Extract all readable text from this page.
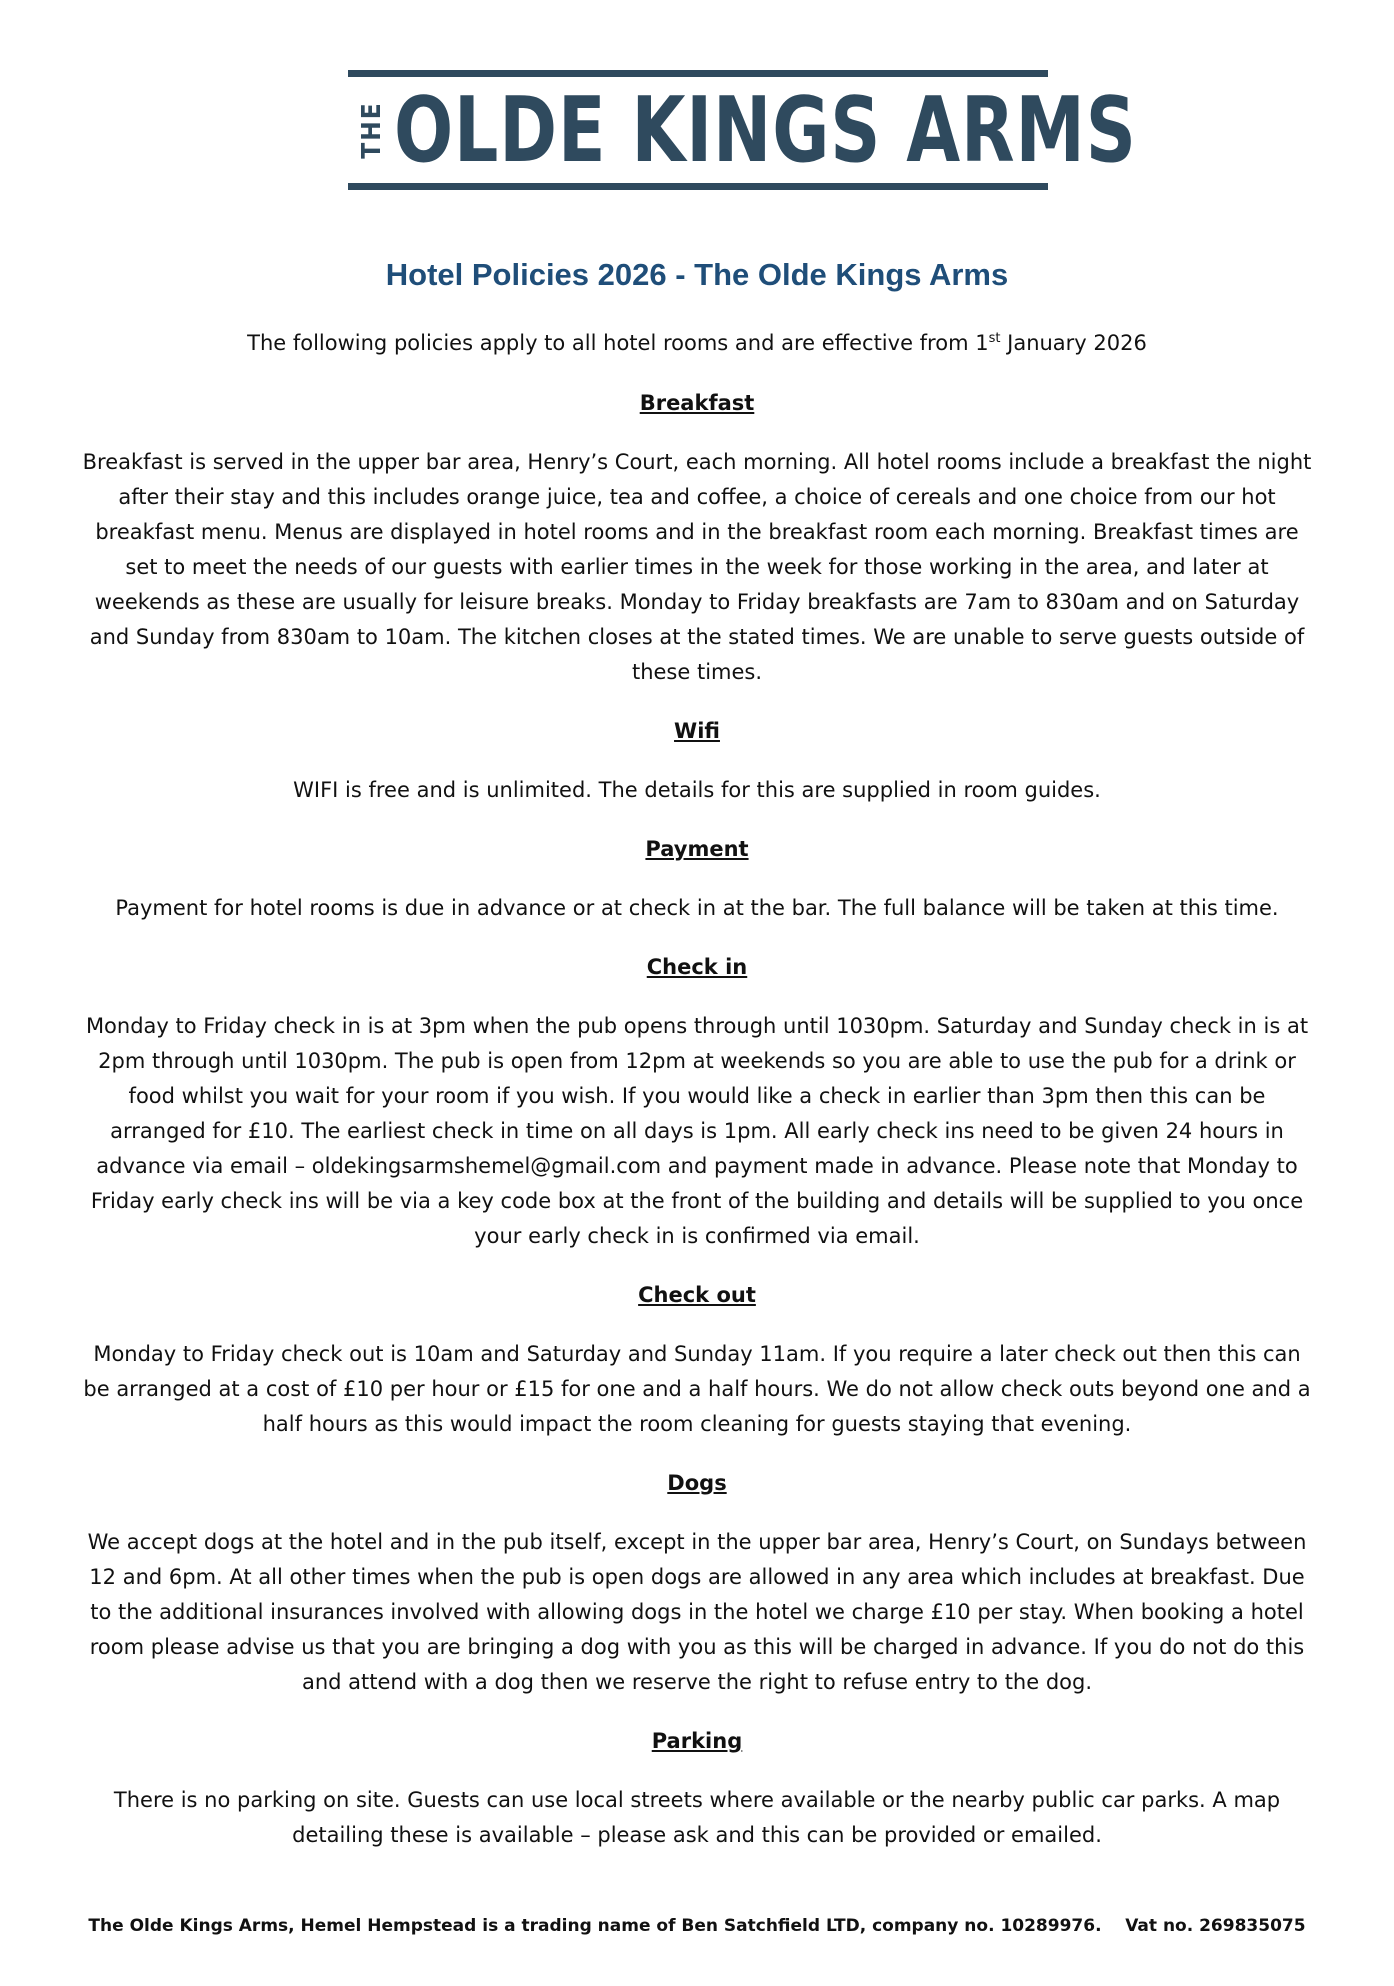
THE OLDE KINGS ARMS
Hotel Policies 2026 - The Olde Kings Arms

The following policies apply to all hotel rooms and are effective from 1st January 2026

Breakfast

Breakfast is served in the upper bar area, Henry’s Court, each morning. All hotel rooms include a breakfast the night after their stay and this includes orange juice, tea and coffee, a choice of cereals and one choice from our hot breakfast menu. Menus are displayed in hotel rooms and in the breakfast room each morning. Breakfast times are set to meet the needs of our guests with earlier times in the week for those working in the area, and later at weekends as these are usually for leisure breaks. Monday to Friday breakfasts are 7am to 830am and on Saturday and Sunday from 830am to 10am. The kitchen closes at the stated times. We are unable to serve guests outside of these times.

Wifi

WIFI is free and is unlimited. The details for this are supplied in room guides.

Payment

Payment for hotel rooms is due in advance or at check in at the bar. The full balance will be taken at this time.

Check in

Monday to Friday check in is at 3pm when the pub opens through until 1030pm. Saturday and Sunday check in is at 2pm through until 1030pm. The pub is open from 12pm at weekends so you are able to use the pub for a drink or food whilst you wait for your room if you wish. If you would like a check in earlier than 3pm then this can be arranged for £10. The earliest check in time on all days is 1pm. All early check ins need to be given 24 hours in advance via email – oldekingsarmshemel@gmail.com and payment made in advance. Please note that Monday to Friday early check ins will be via a key code box at the front of the building and details will be supplied to you once your early check in is confirmed via email.

Check out

Monday to Friday check out is 10am and Saturday and Sunday 11am. If you require a later check out then this can be arranged at a cost of £10 per hour or £15 for one and a half hours. We do not allow check outs beyond one and a half hours as this would impact the room cleaning for guests staying that evening.

Dogs

We accept dogs at the hotel and in the pub itself, except in the upper bar area, Henry’s Court, on Sundays between 12 and 6pm. At all other times when the pub is open dogs are allowed in any area which includes at breakfast. Due to the additional insurances involved with allowing dogs in the hotel we charge £10 per stay. When booking a hotel room please advise us that you are bringing a dog with you as this will be charged in advance. If you do not do this and attend with a dog then we reserve the right to refuse entry to the dog.

Parking

There is no parking on site. Guests can use local streets where available or the nearby public car parks. A map detailing these is available – please ask and this can be provided or emailed.

The Olde Kings Arms, Hemel Hempstead is a trading name of Ben Satchfield LTD, company no. 10289976.    Vat no. 269835075
